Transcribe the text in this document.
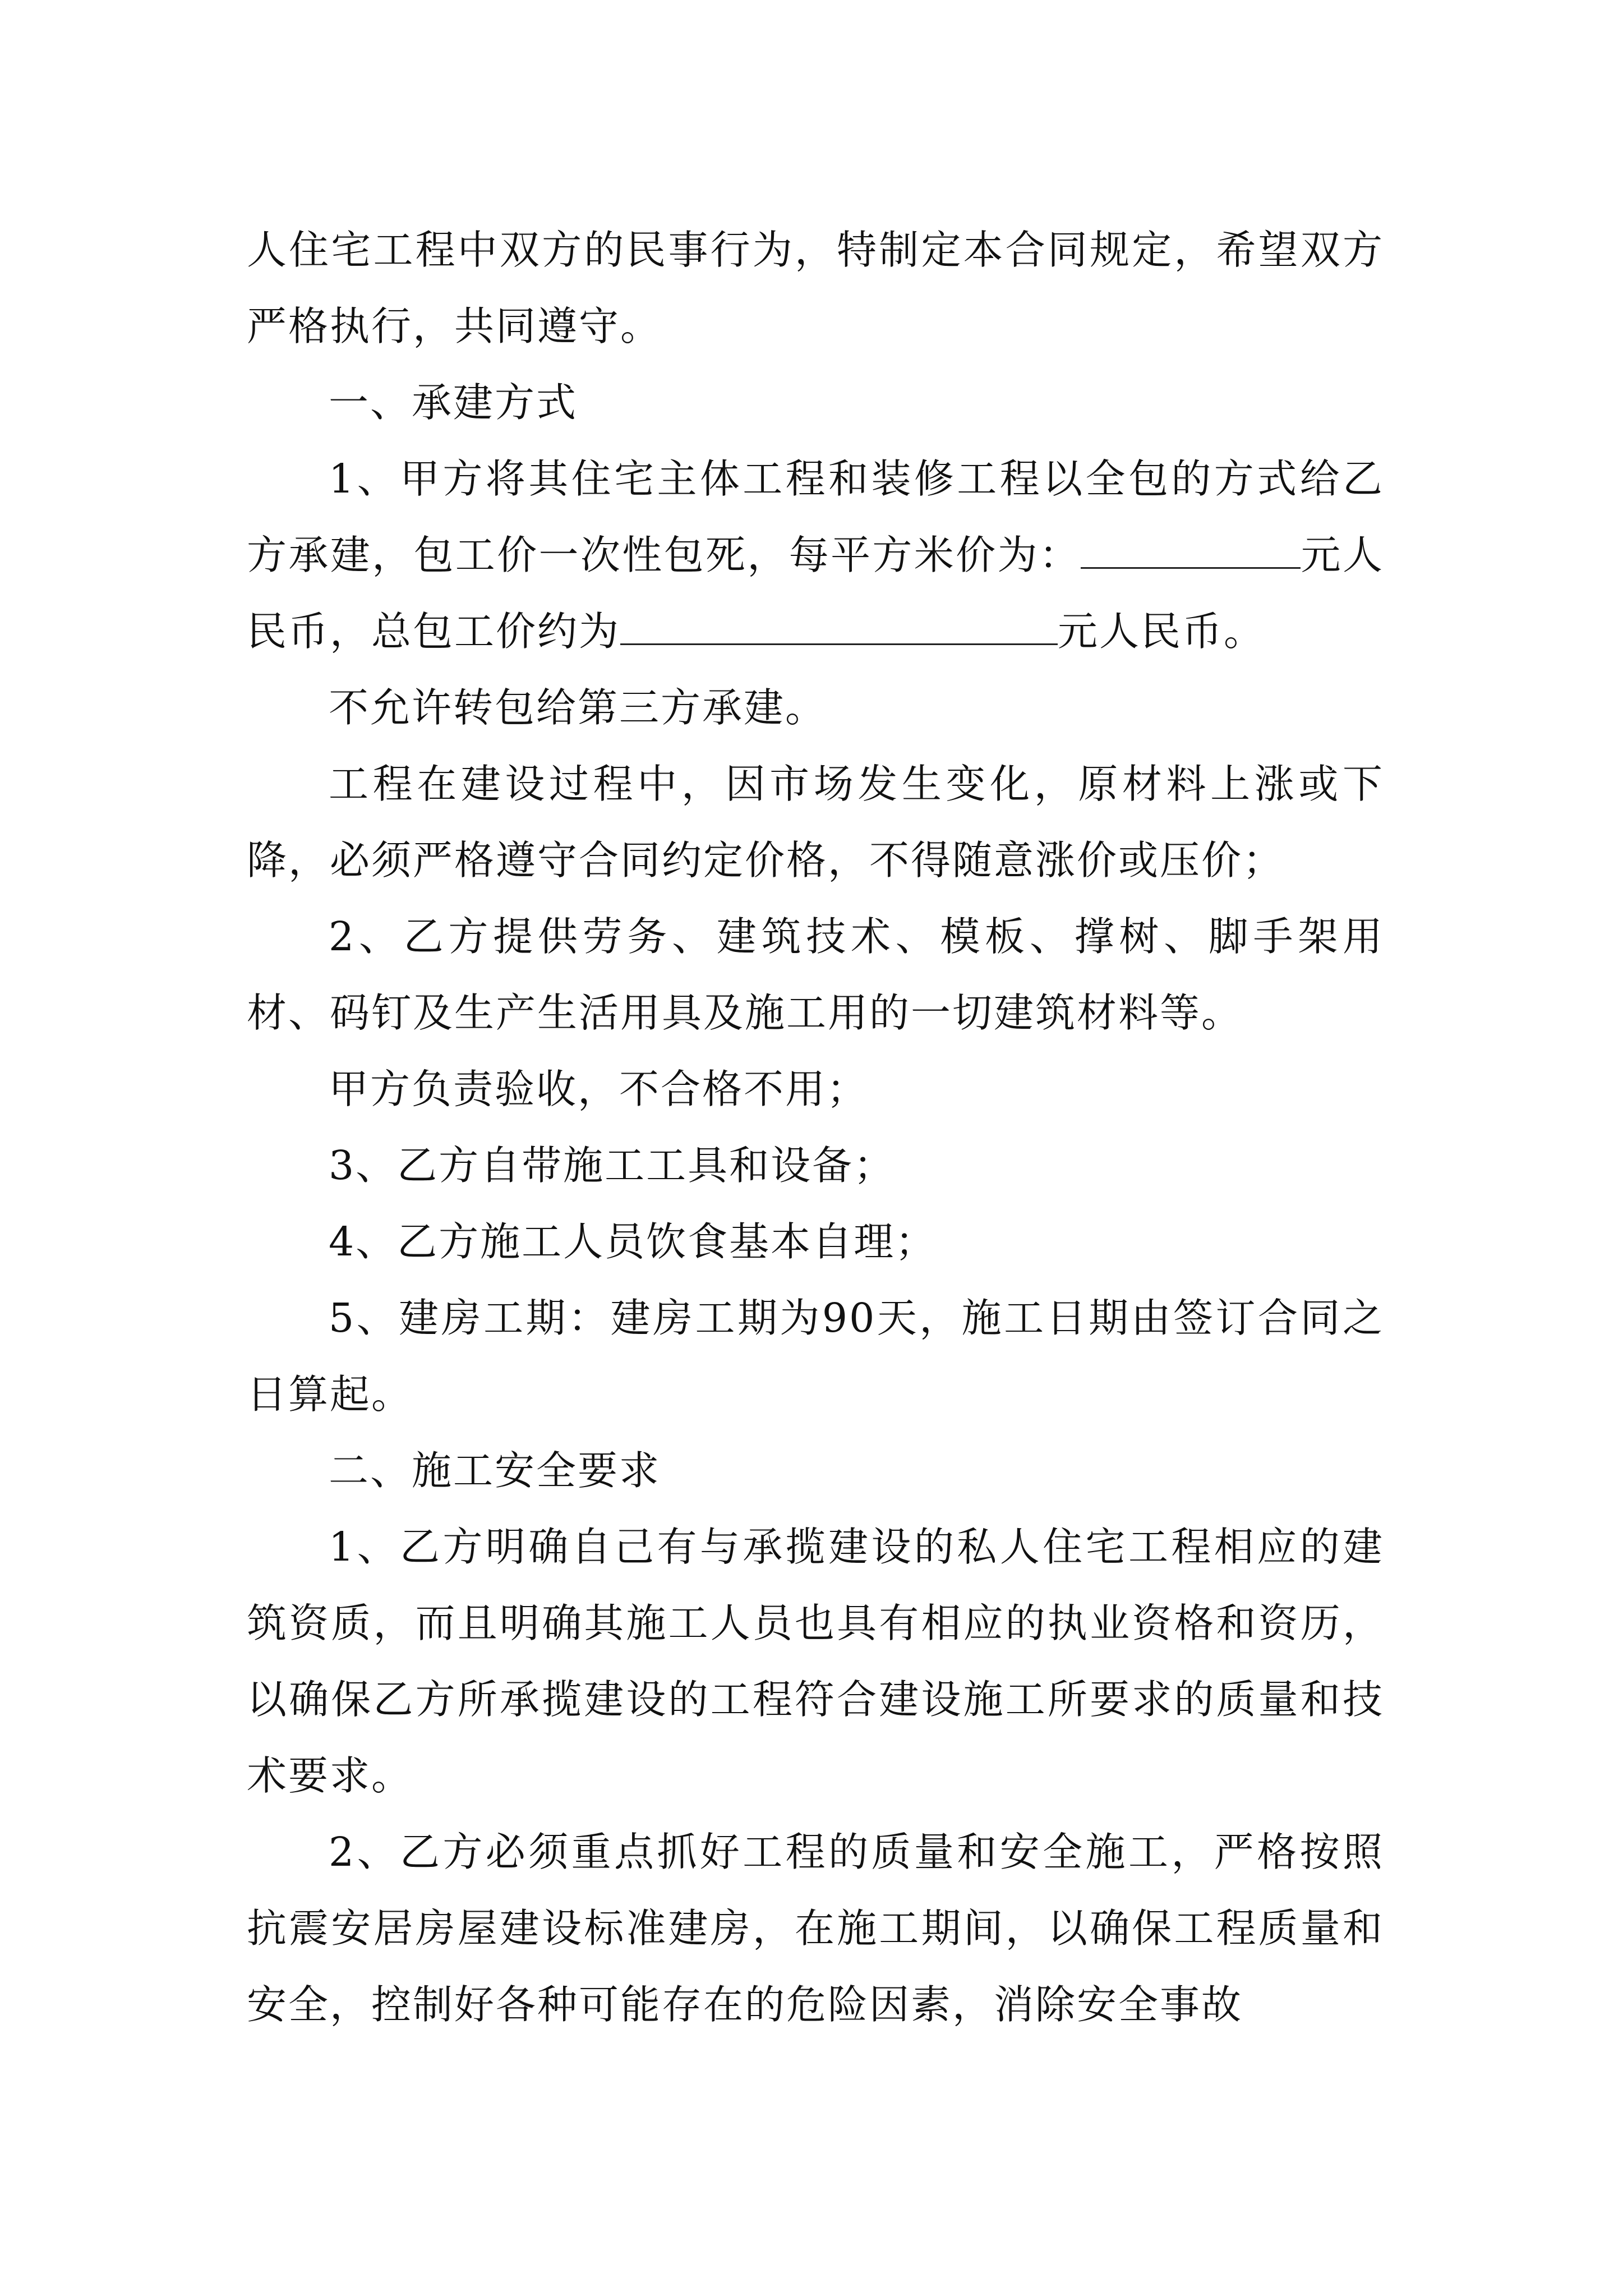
人住宅工程中双方的民事行为，特制定本合同规定，希望双方严格执行，共同遵守。

一、承建方式

1、甲方将其住宅主体工程和装修工程以全包的方式给乙方承建，包工价一次性包死，每平方米价为：	元人民币，总包工价约为	元人民币。

不允许转包给第三方承建。

工程在建设过程中，因市场发生变化，原材料上涨或下降，必须严格遵守合同约定价格，不得随意涨价或压价；

2、乙方提供劳务、建筑技术、模板、撑树、脚手架用材、码钉及生产生活用具及施工用的一切建筑材料等。

甲方负责验收，不合格不用；

3、乙方自带施工工具和设备；

4、乙方施工人员饮食基本自理；

5、建房工期：建房工期为90天，施工日期由签订合同之日算起。

二、施工安全要求

1、乙方明确自己有与承揽建设的私人住宅工程相应的建筑资质，而且明确其施工人员也具有相应的执业资格和资历，以确保乙方所承揽建设的工程符合建设施工所要求的质量和技术要求。

2、乙方必须重点抓好工程的质量和安全施工，严格按照抗震安居房屋建设标准建房，在施工期间，以确保工程质量和安全，控制好各种可能存在的危险因素，消除安全事故
